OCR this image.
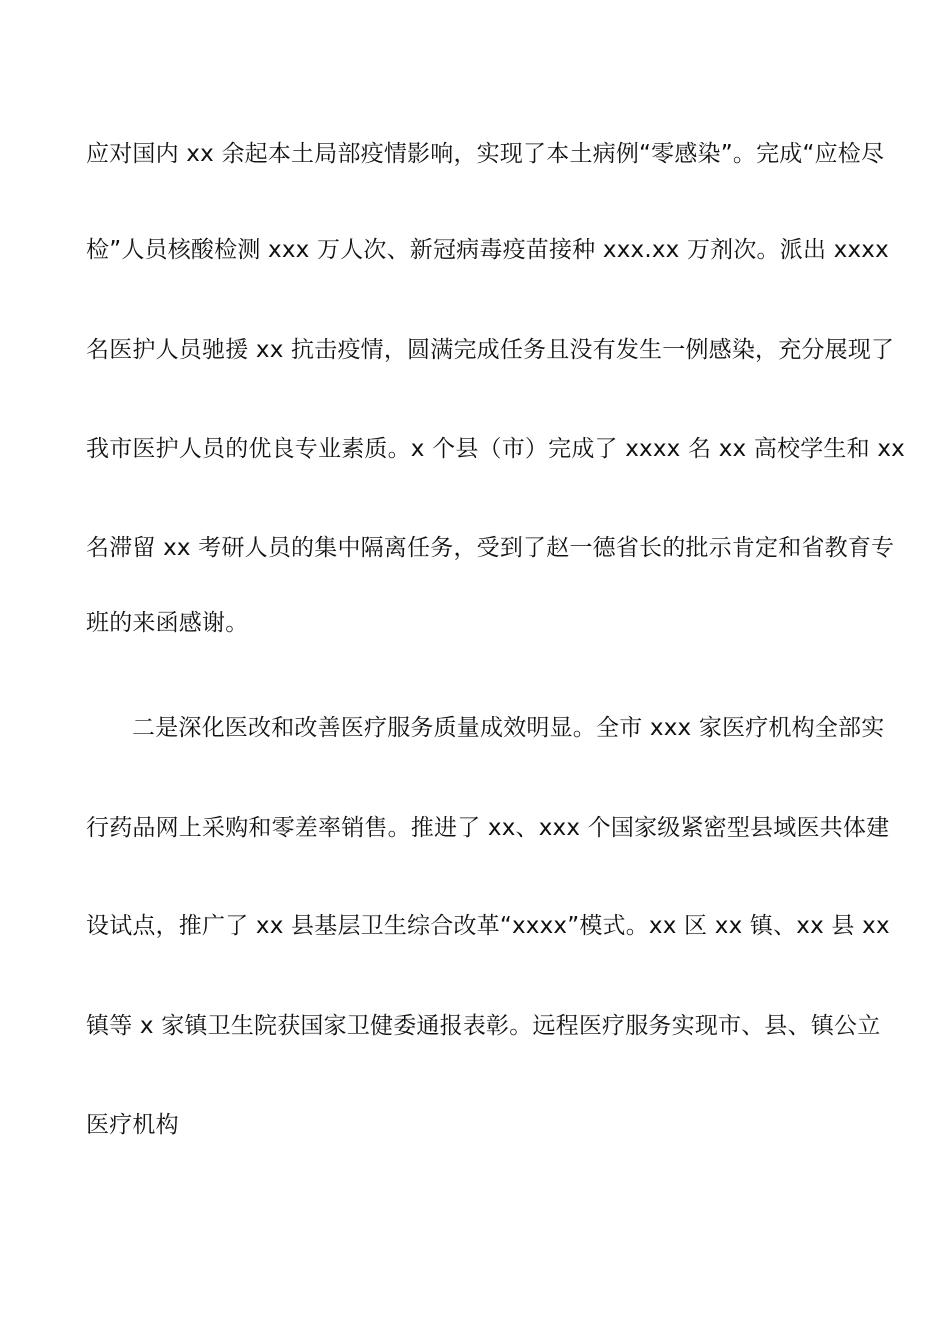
应对国内 xx 余起本土局部疫情影响，实现了本土病例“零感染”。完成“应检尽
检”人员核酸检测 xxx 万人次、新冠病毒疫苗接种 xxx.xx 万剂次。派出 xxxx
名医护人员驰援 xx 抗击疫情，圆满完成任务且没有发生一例感染，充分展现了
我市医护人员的优良专业素质。x 个县（市）完成了 xxxx 名 xx 高校学生和 xx
名滞留 xx 考研人员的集中隔离任务，受到了赵一德省长的批示肯定和省教育专
班的来函感谢。
二是深化医改和改善医疗服务质量成效明显。全市 xxx 家医疗机构全部实
行药品网上采购和零差率销售。推进了 xx、xxx 个国家级紧密型县域医共体建
设试点，推广了 xx 县基层卫生综合改革“xxxx”模式。xx 区 xx 镇、xx 县 xx
镇等 x 家镇卫生院获国家卫健委通报表彰。远程医疗服务实现市、县、镇公立
医疗机构
